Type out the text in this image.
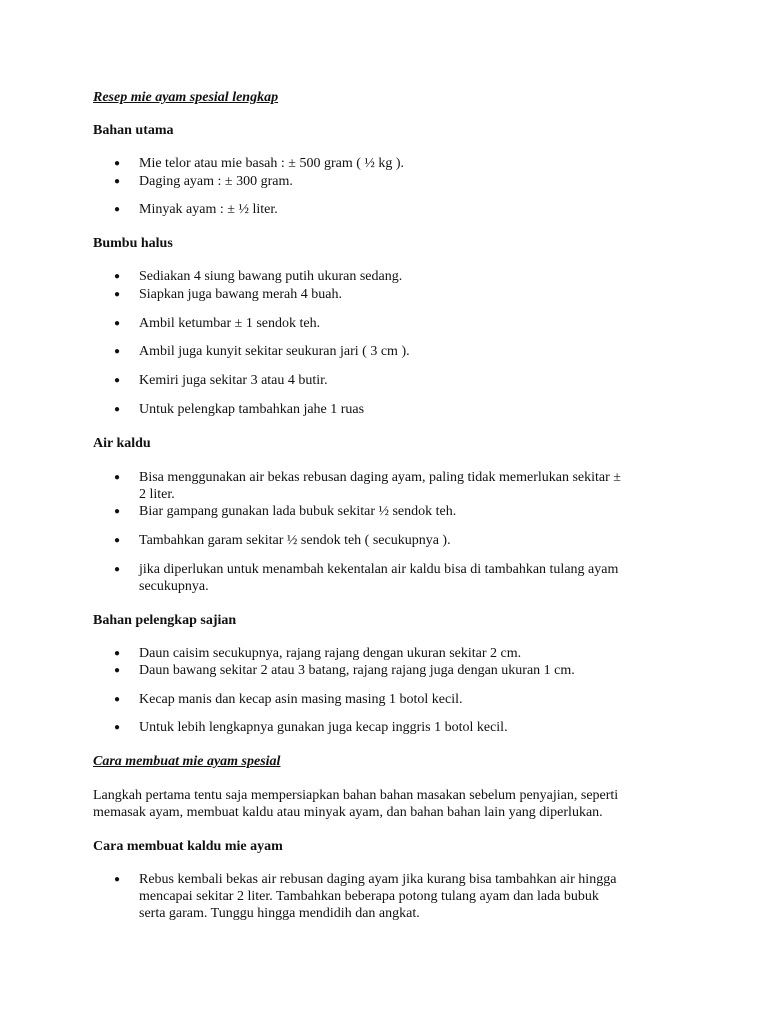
Resep mie ayam spesial lengkap
Bahan utama
● Mie telor atau mie basah : ± 500 gram ( ½ kg ).
● Daging ayam : ± 300 gram.
● Minyak ayam : ± ½ liter.
Bumbu halus
● Sediakan 4 siung bawang putih ukuran sedang.
● Siapkan juga bawang merah 4 buah.
● Ambil ketumbar ± 1 sendok teh.
● Ambil juga kunyit sekitar seukuran jari ( 3 cm ).
● Kemiri juga sekitar 3 atau 4 butir.
● Untuk pelengkap tambahkan jahe 1 ruas
Air kaldu
● Bisa menggunakan air bekas rebusan daging ayam, paling tidak memerlukan sekitar ±
2 liter.
● Biar gampang gunakan lada bubuk sekitar ½ sendok teh.
● Tambahkan garam sekitar ½ sendok teh ( secukupnya ).
● jika diperlukan untuk menambah kekentalan air kaldu bisa di tambahkan tulang ayam
secukupnya.
Bahan pelengkap sajian
● Daun caisim secukupnya, rajang rajang dengan ukuran sekitar 2 cm.
● Daun bawang sekitar 2 atau 3 batang, rajang rajang juga dengan ukuran 1 cm.
● Kecap manis dan kecap asin masing masing 1 botol kecil.
● Untuk lebih lengkapnya gunakan juga kecap inggris 1 botol kecil.
Cara membuat mie ayam spesial
Langkah pertama tentu saja mempersiapkan bahan bahan masakan sebelum penyajian, seperti
memasak ayam, membuat kaldu atau minyak ayam, dan bahan bahan lain yang diperlukan.
Cara membuat kaldu mie ayam
● Rebus kembali bekas air rebusan daging ayam jika kurang bisa tambahkan air hingga
mencapai sekitar 2 liter. Tambahkan beberapa potong tulang ayam dan lada bubuk
serta garam. Tunggu hingga mendidih dan angkat.
